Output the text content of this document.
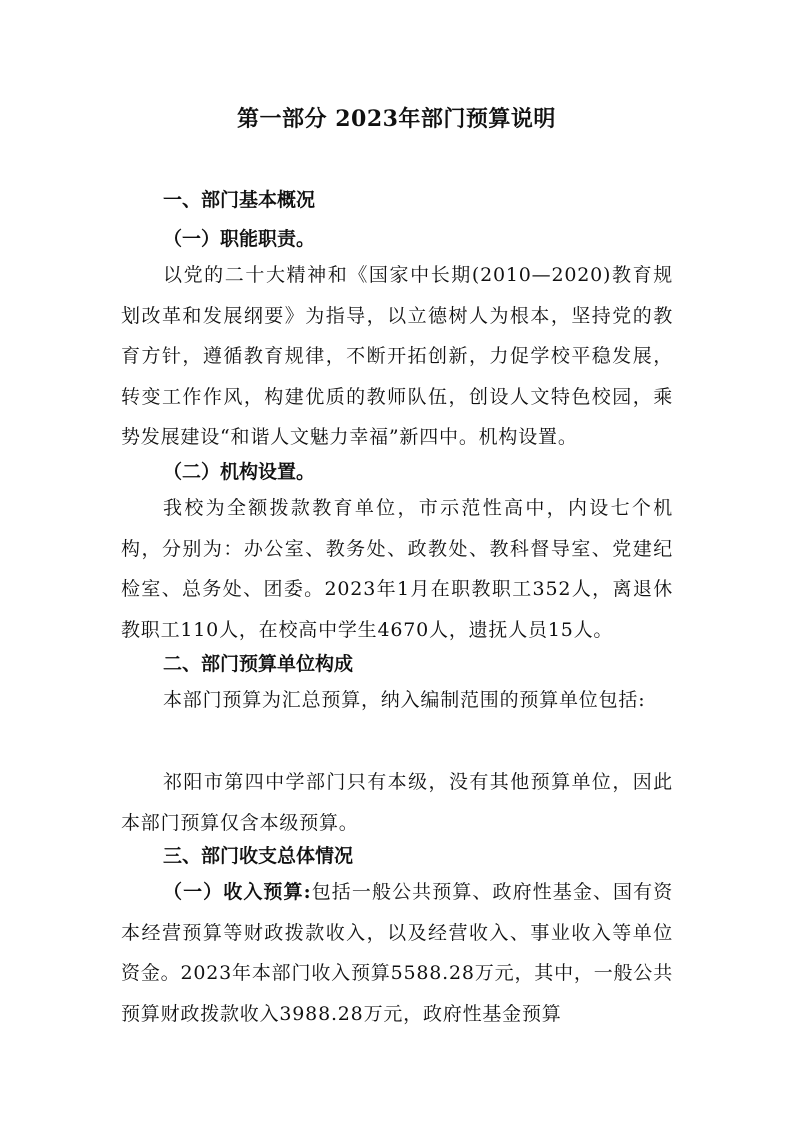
第一部分 2023年部门预算说明
一、部门基本概况
（一）职能职责。

以党的二十大精神和《国家中长期(2010—2020)教育规划改革和发展纲要》为指导，以立德树人为根本，坚持党的教育方针，遵循教育规律，不断开拓创新，力促学校平稳发展，转变工作作风，构建优质的教师队伍，创设人文特色校园，乘势发展建设“和谐人文魅力幸福”新四中。机构设置。

（二）机构设置。

我校为全额拨款教育单位，市示范性高中，内设七个机构，分别为：办公室、教务处、政教处、教科督导室、党建纪检室、总务处、团委。2023年1月在职教职工352人，离退休教职工110人，在校高中学生4670人，遗抚人员15人。

二、部门预算单位构成

本部门预算为汇总预算，纳入编制范围的预算单位包括:

祁阳市第四中学部门只有本级，没有其他预算单位，因此本部门预算仅含本级预算。

三、部门收支总体情况

（一）收入预算:包括一般公共预算、政府性基金、国有资本经营预算等财政拨款收入，以及经营收入、事业收入等单位资金。2023年本部门收入预算5588.28万元，其中，一般公共预算财政拨款收入3988.28万元，政府性基金预算
